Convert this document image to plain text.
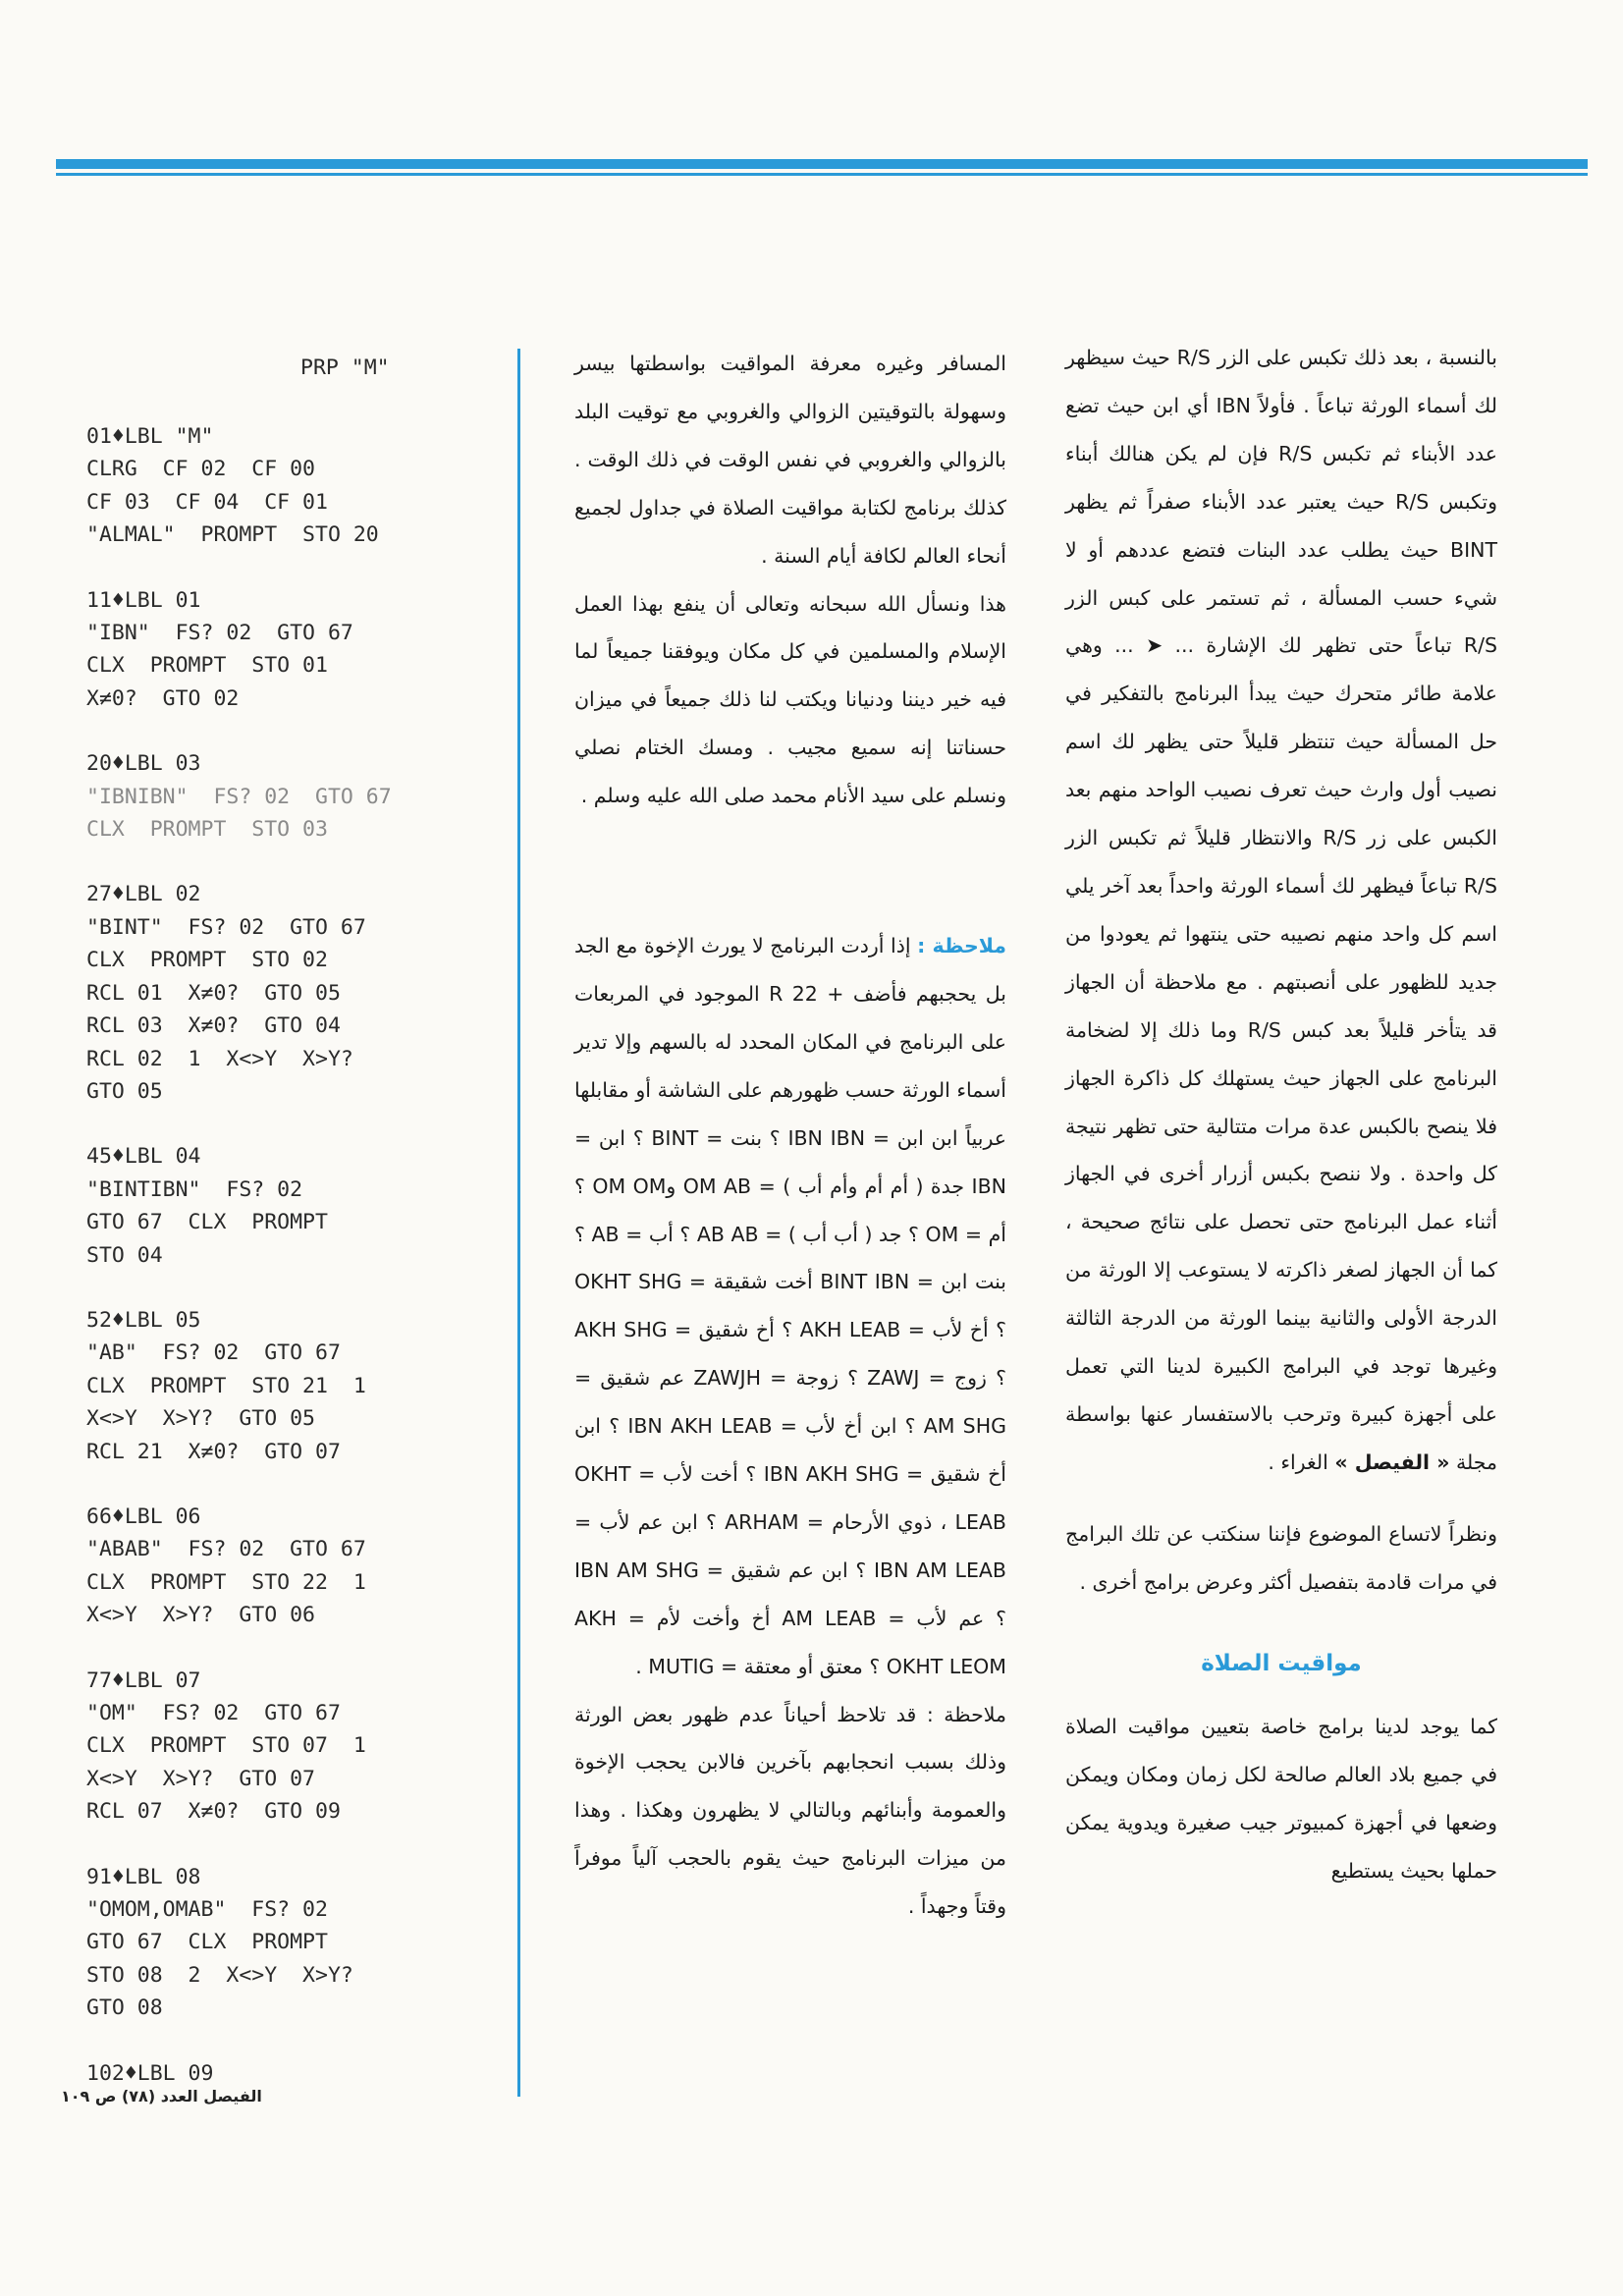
بالنسبة ، بعد ذلك تكبس على الزر R/S حيث سيظهر لك أسماء الورثة تباعاً . فأولاً IBN أي ابن حيث تضع عدد الأبناء ثم تكبس R/S فإن لم يكن هنالك أبناء وتكبس R/S حيث يعتبر عدد الأبناء صفراً ثم يظهر BINT حيث يطلب عدد البنات فتضع عددهم أو لا شيء حسب المسألة ، ثم تستمر على كبس الزر R/S تباعاً حتى تظهر لك الإشارة ... ➤ ... وهي علامة طائر متحرك حيث يبدأ البرنامج بالتفكير في حل المسألة حيث تنتظر قليلاً حتى يظهر لك اسم نصيب أول وارث حيث تعرف نصيب الواحد منهم بعد الكبس على زر R/S والانتظار قليلاً ثم تكبس الزر R/S تباعاً فيظهر لك أسماء الورثة واحداً بعد آخر يلي اسم كل واحد منهم نصيبه حتى ينتهوا ثم يعودوا من جديد للظهور على أنصبتهم . مع ملاحظة أن الجهاز قد يتأخر قليلاً بعد كبس R/S وما ذلك إلا لضخامة البرنامج على الجهاز حيث يستهلك كل ذاكرة الجهاز فلا ينصح بالكبس عدة مرات متتالية حتى تظهر نتيجة كل واحدة . ولا ننصح بكبس أزرار أخرى في الجهاز أثناء عمل البرنامج حتى تحصل على نتائج صحيحة ، كما أن الجهاز لصغر ذاكرته لا يستوعب إلا الورثة من الدرجة الأولى والثانية بينما الورثة من الدرجة الثالثة وغيرها توجد في البرامج الكبيرة لدينا التي تعمل على أجهزة كبيرة وترحب بالاستفسار عنها بواسطة مجلة « الفيصل » الغراء .

ونظراً لاتساع الموضوع فإننا سنكتب عن تلك البرامج في مرات قادمة بتفصيل أكثر وعرض برامج أخرى .

مواقيت الصلاة

كما يوجد لدينا برامج خاصة بتعيين مواقيت الصلاة في جميع بلاد العالم صالحة لكل زمان ومكان ويمكن وضعها في أجهزة كمبيوتر جيب صغيرة ويدوية يمكن حملها بحيث يستطيع

المسافر وغيره معرفة المواقيت بواسطتها بيسر وسهولة بالتوقيتين الزوالي والغروبي مع توقيت البلد بالزوالي والغروبي في نفس الوقت في ذلك الوقت . كذلك برنامج لكتابة مواقيت الصلاة في جداول لجميع أنحاء العالم لكافة أيام السنة .

هذا ونسأل الله سبحانه وتعالى أن ينفع بهذا العمل الإسلام والمسلمين في كل مكان ويوفقنا جميعاً لما فيه خير ديننا ودنيانا ويكتب لنا ذلك جميعاً في ميزان حسناتنا إنه سميع مجيب . ومسك الختام نصلي ونسلم على سيد الأنام محمد صلى الله عليه وسلم .

ملاحظة : إذا أردت البرنامج لا يورث الإخوة مع الجد بل يحجبهم فأضف + R 22 الموجود في المربعات على البرنامج في المكان المحدد له بالسهم وإلا تدير أسماء الورثة حسب ظهورهم على الشاشة أو مقابلها عربياً ابن ابن = IBN IBN ؟ بنت = BINT ؟ ابن = IBN جدة ( أم أم وأم أب ) = OM AB وOM OM ؟ أم = OM ؟ جد ( أب أب ) = AB AB ؟ أب = AB ؟ بنت ابن = BINT IBN أخت شقيقة = OKHT SHG ؟ أخ لأب = AKH LEAB ؟ أخ شقيق = AKH SHG ؟ زوج = ZAWJ ؟ زوجة = ZAWJH عم شقيق = AM SHG ؟ ابن أخ لأب = IBN AKH LEAB ؟ ابن أخ شقيق = IBN AKH SHG ؟ أخت لأب = OKHT LEAB ، ذوي الأرحام = ARHAM ؟ ابن عم لأب = IBN AM LEAB ؟ ابن عم شقيق = IBN AM SHG ؟ عم لأب = AM LEAB أخ وأخت لأم = AKH OKHT LEOM ؟ معتق أو معتقة = MUTIG .

ملاحظة : قد تلاحظ أحياناً عدم ظهور بعض الورثة وذلك بسبب انحجابهم بآخرين فالابن يحجب الإخوة والعمومة وأبنائهم وبالتالي لا يظهرون وهكذا . وهذا من ميزات البرنامج حيث يقوم بالحجب آلياً موفراً وقتاً وجهداً .

PRP "M"
01♦LBL "M"
CLRG  CF 02  CF 00
CF 03  CF 04  CF 01
"ALMAL"  PROMPT  STO 20
11♦LBL 01
"IBN"  FS? 02  GTO 67
CLX  PROMPT  STO 01
X≠0?  GTO 02
20♦LBL 03
"IBNIBN"  FS? 02  GTO 67
CLX  PROMPT  STO 03
27♦LBL 02
"BINT"  FS? 02  GTO 67
CLX  PROMPT  STO 02
RCL 01  X≠0?  GTO 05
RCL 03  X≠0?  GTO 04
RCL 02  1  X<>Y  X>Y?
GTO 05
45♦LBL 04
"BINTIBN"  FS? 02
GTO 67  CLX  PROMPT
STO 04
52♦LBL 05
"AB"  FS? 02  GTO 67
CLX  PROMPT  STO 21  1
X<>Y  X>Y?  GTO 05
RCL 21  X≠0?  GTO 07
66♦LBL 06
"ABAB"  FS? 02  GTO 67
CLX  PROMPT  STO 22  1
X<>Y  X>Y?  GTO 06
77♦LBL 07
"OM"  FS? 02  GTO 67
CLX  PROMPT  STO 07  1
X<>Y  X>Y?  GTO 07
RCL 07  X≠0?  GTO 09
91♦LBL 08
"OMOM,OMAB"  FS? 02
GTO 67  CLX  PROMPT
STO 08  2  X<>Y  X>Y?
GTO 08
102♦LBL 09
الفيصل العدد (٧٨) ص ١٠٩
